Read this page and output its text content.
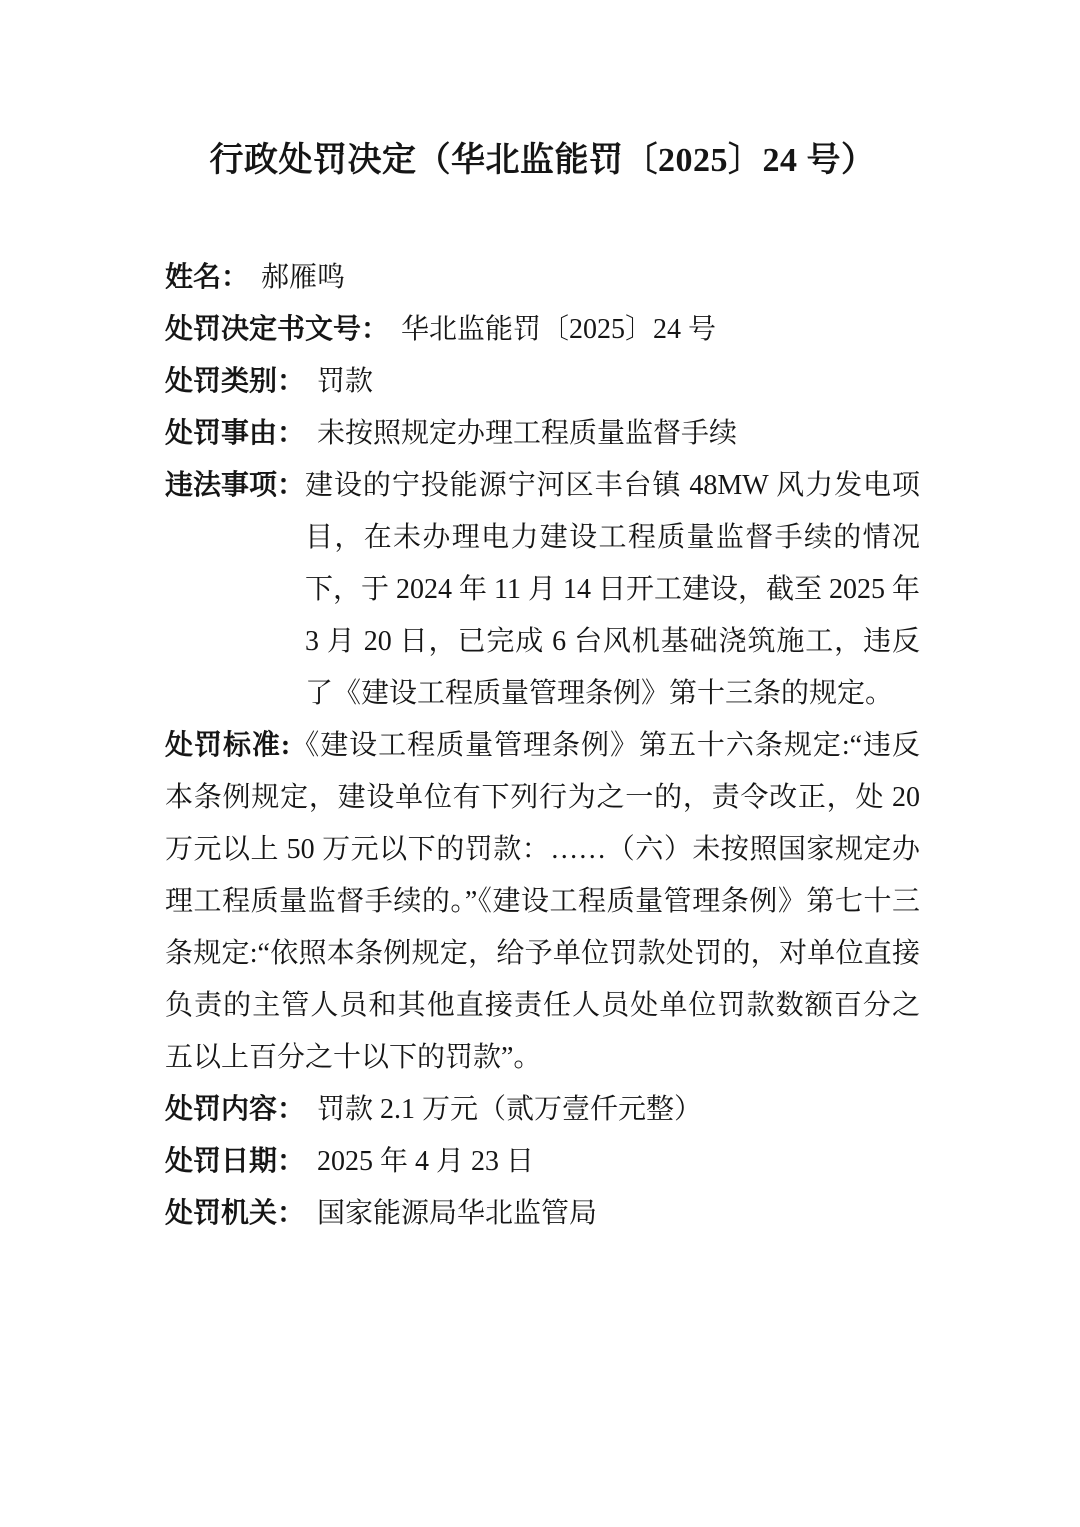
行政处罚决定（华北监能罚〔2025〕24 号）
姓名： 郝雁鸣
处罚决定书文号： 华北监能罚〔2025〕24 号
处罚类别： 罚款
处罚事由： 未按照规定办理工程质量监督手续
违法事项： 建设的宁投能源宁河区丰台镇 48MW 风力发电项目，在未办理电力建设工程质量监督手续的情况下，于 2024 年 11 月 14 日开工建设，截至 2025 年 3 月 20 日，已完成 6 台风机基础浇筑施工，违反了《建设工程质量管理条例》第十三条的规定。

处罚标准:《建设工程质量管理条例》第五十六条规定:“违反本条例规定，建设单位有下列行为之一的，责令改正，处 20 万元以上 50 万元以下的罚款：……（六）未按照国家规定办理工程质量监督手续的。”《建设工程质量管理条例》第七十三条规定:“依照本条例规定，给予单位罚款处罚的，对单位直接负责的主管人员和其他直接责任人员处单位罚款数额百分之五以上百分之十以下的罚款”。

处罚内容： 罚款 2.1 万元（贰万壹仟元整）
处罚日期： 2025 年 4 月 23 日
处罚机关： 国家能源局华北监管局
